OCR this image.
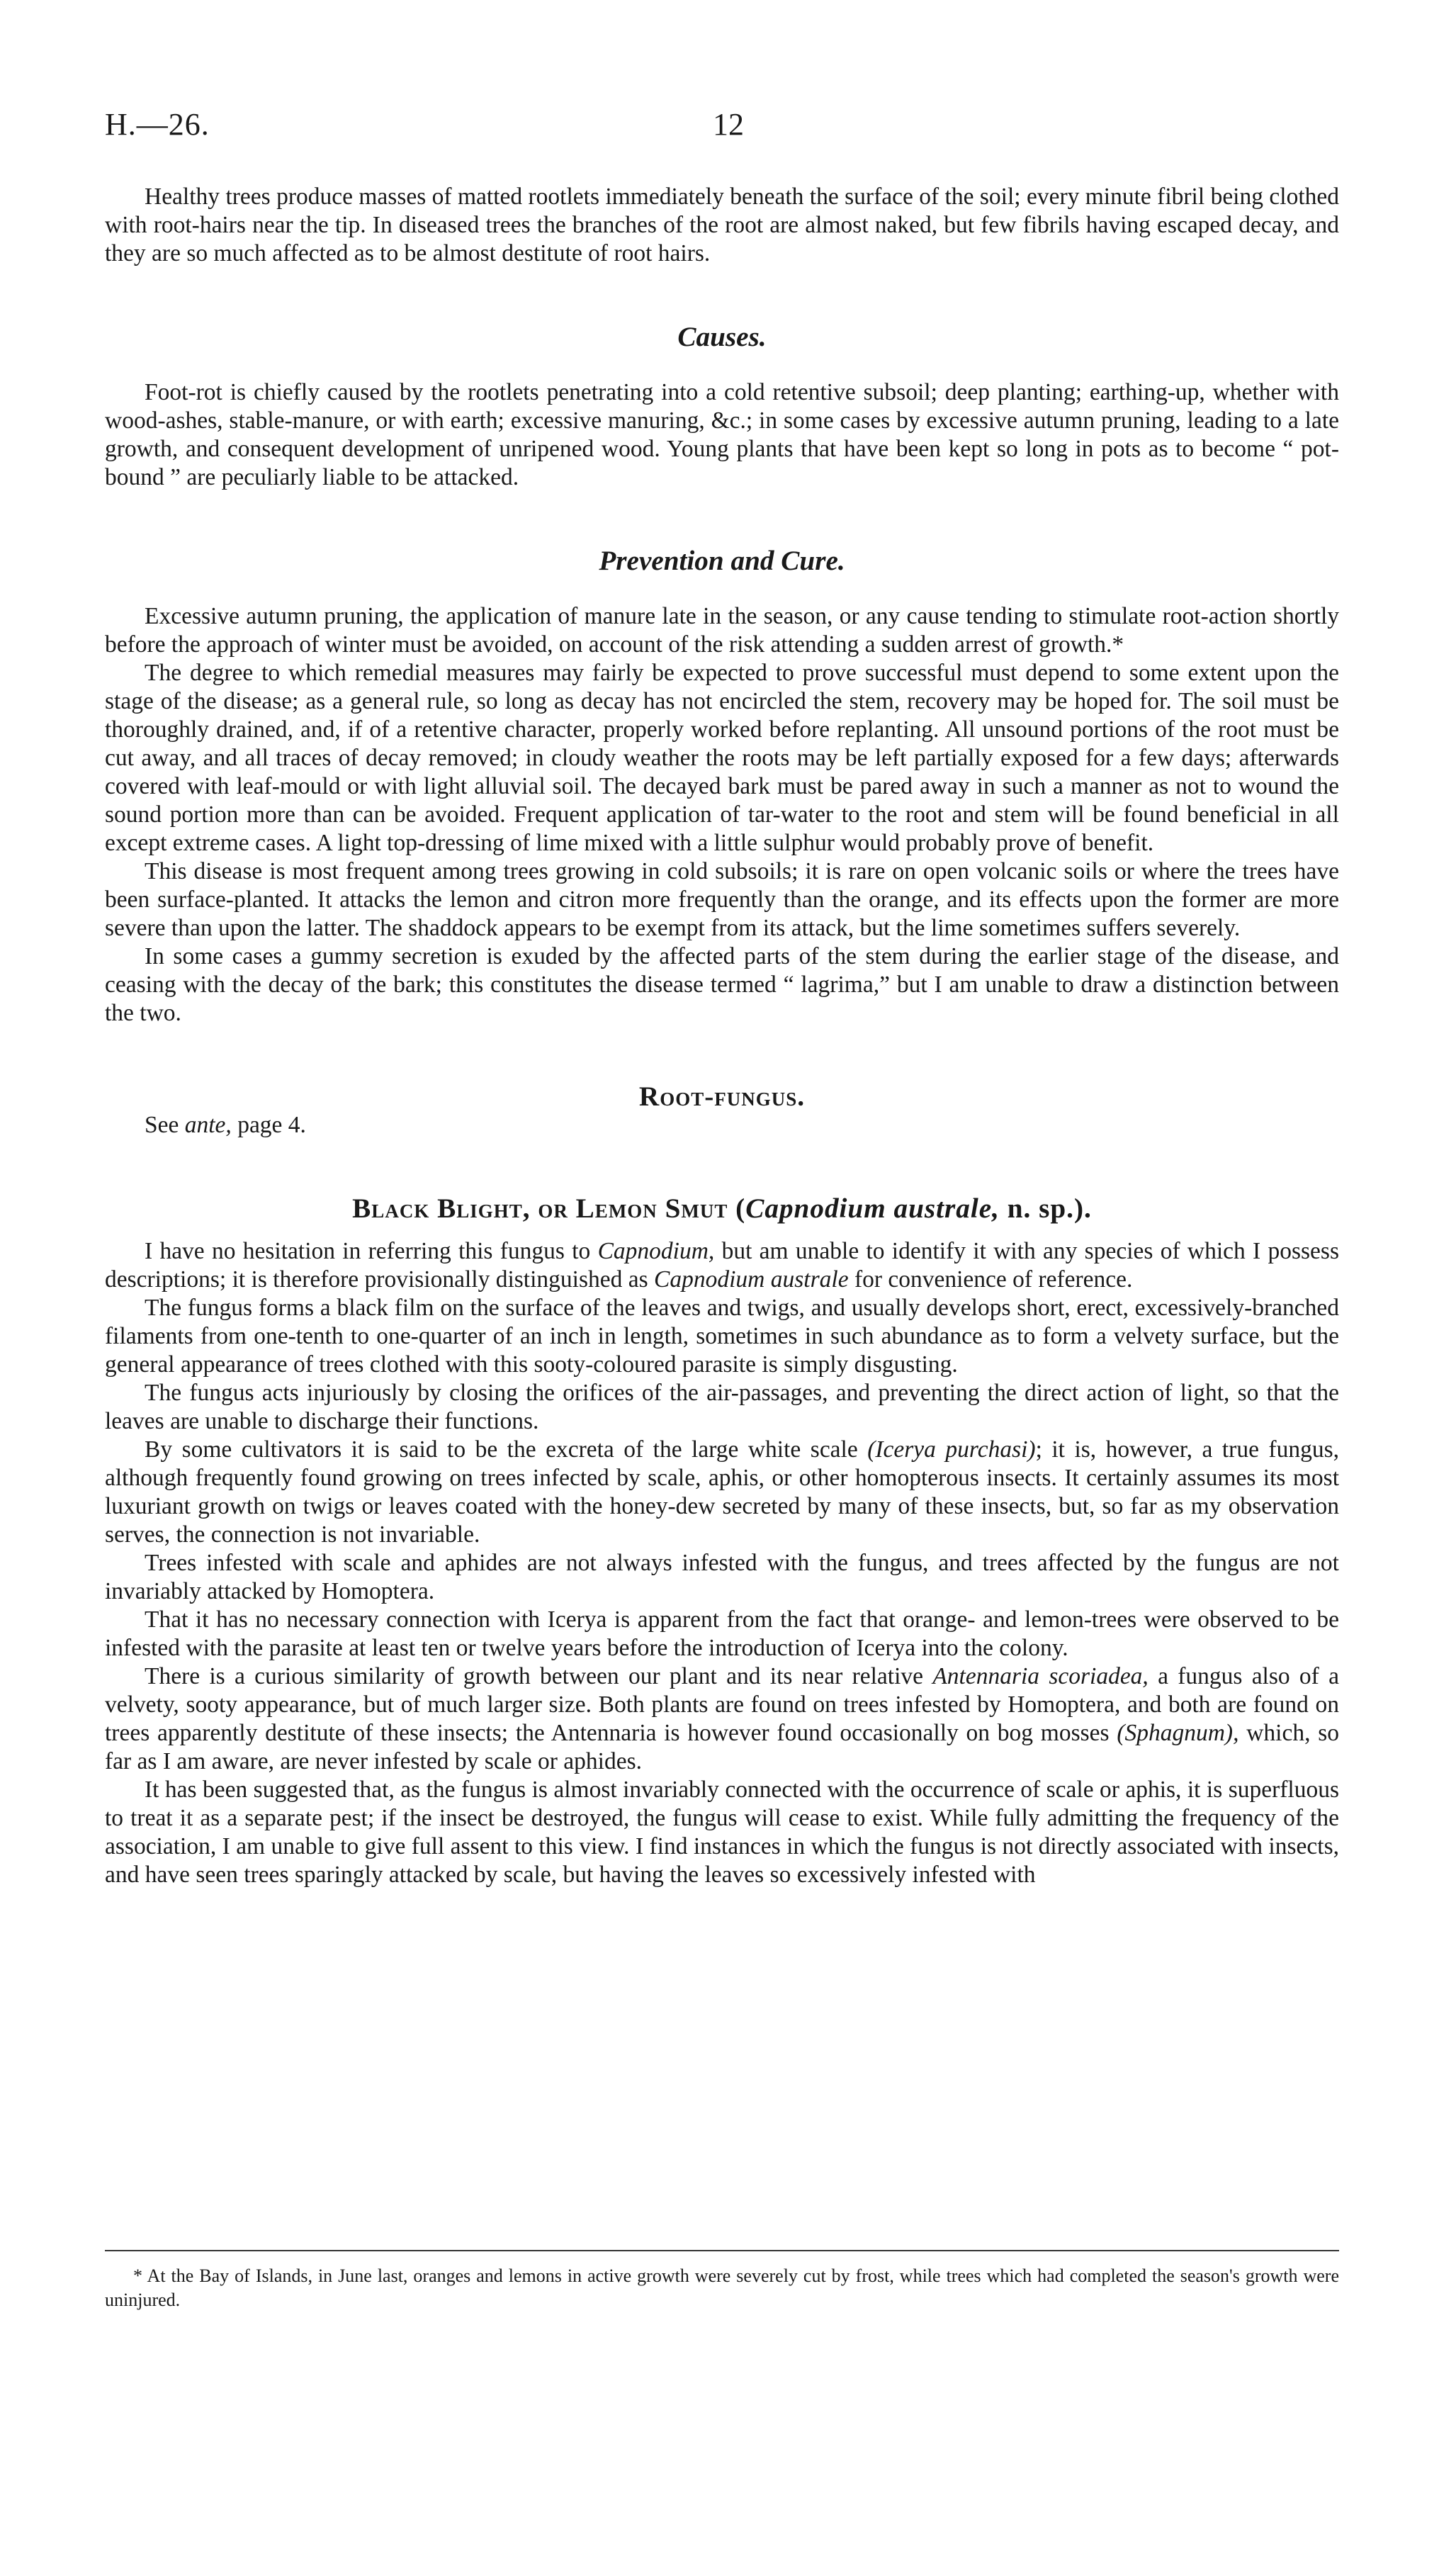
H.—26.	12

Healthy trees produce masses of matted rootlets immediately beneath the surface of the soil; every minute fibril being clothed with root-hairs near the tip. In diseased trees the branches of the root are almost naked, but few fibrils having escaped decay, and they are so much affected as to be almost destitute of root hairs.

Causes.

Foot-rot is chiefly caused by the rootlets penetrating into a cold retentive subsoil; deep planting; earthing-up, whether with wood-ashes, stable-manure, or with earth; excessive manuring, &c.; in some cases by excessive autumn pruning, leading to a late growth, and consequent development of unripened wood. Young plants that have been kept so long in pots as to become “ pot-bound ” are peculiarly liable to be attacked.

Prevention and Cure.

Excessive autumn pruning, the application of manure late in the season, or any cause tending to stimulate root-action shortly before the approach of winter must be avoided, on account of the risk attending a sudden arrest of growth.*

The degree to which remedial measures may fairly be expected to prove successful must depend to some extent upon the stage of the disease; as a general rule, so long as decay has not encircled the stem, recovery may be hoped for. The soil must be thoroughly drained, and, if of a retentive character, properly worked before replanting. All unsound portions of the root must be cut away, and all traces of decay removed; in cloudy weather the roots may be left partially exposed for a few days; afterwards covered with leaf-mould or with light alluvial soil. The decayed bark must be pared away in such a manner as not to wound the sound portion more than can be avoided. Frequent application of tar-water to the root and stem will be found beneficial in all except extreme cases. A light top-dressing of lime mixed with a little sulphur would probably prove of benefit.

This disease is most frequent among trees growing in cold subsoils; it is rare on open volcanic soils or where the trees have been surface-planted. It attacks the lemon and citron more frequently than the orange, and its effects upon the former are more severe than upon the latter. The shaddock appears to be exempt from its attack, but the lime sometimes suffers severely.

In some cases a gummy secretion is exuded by the affected parts of the stem during the earlier stage of the disease, and ceasing with the decay of the bark; this constitutes the disease termed “ lagrima,” but I am unable to draw a distinction between the two.

Root-fungus.

See ante, page 4.

Black Blight, or Lemon Smut (Capnodium australe, n. sp.).

I have no hesitation in referring this fungus to Capnodium, but am unable to identify it with any species of which I possess descriptions; it is therefore provisionally distinguished as Capnodium australe for convenience of reference.

The fungus forms a black film on the surface of the leaves and twigs, and usually develops short, erect, excessively-branched filaments from one-tenth to one-quarter of an inch in length, sometimes in such abundance as to form a velvety surface, but the general appearance of trees clothed with this sooty-coloured parasite is simply disgusting.

The fungus acts injuriously by closing the orifices of the air-passages, and preventing the direct action of light, so that the leaves are unable to discharge their functions.

By some cultivators it is said to be the excreta of the large white scale (Icerya purchasi); it is, however, a true fungus, although frequently found growing on trees infected by scale, aphis, or other homopterous insects. It certainly assumes its most luxuriant growth on twigs or leaves coated with the honey-dew secreted by many of these insects, but, so far as my observation serves, the connection is not invariable.

Trees infested with scale and aphides are not always infested with the fungus, and trees affected by the fungus are not invariably attacked by Homoptera.

That it has no necessary connection with Icerya is apparent from the fact that orange- and lemon-trees were observed to be infested with the parasite at least ten or twelve years before the introduction of Icerya into the colony.

There is a curious similarity of growth between our plant and its near relative Antennaria scoriadea, a fungus also of a velvety, sooty appearance, but of much larger size. Both plants are found on trees infested by Homoptera, and both are found on trees apparently destitute of these insects; the Antennaria is however found occasionally on bog mosses (Sphagnum), which, so far as I am aware, are never infested by scale or aphides.

It has been suggested that, as the fungus is almost invariably connected with the occurrence of scale or aphis, it is superfluous to treat it as a separate pest; if the insect be destroyed, the fungus will cease to exist. While fully admitting the frequency of the association, I am unable to give full assent to this view. I find instances in which the fungus is not directly associated with insects, and have seen trees sparingly attacked by scale, but having the leaves so excessively infested with

* At the Bay of Islands, in June last, oranges and lemons in active growth were severely cut by frost, while trees which had completed the season's growth were uninjured.
